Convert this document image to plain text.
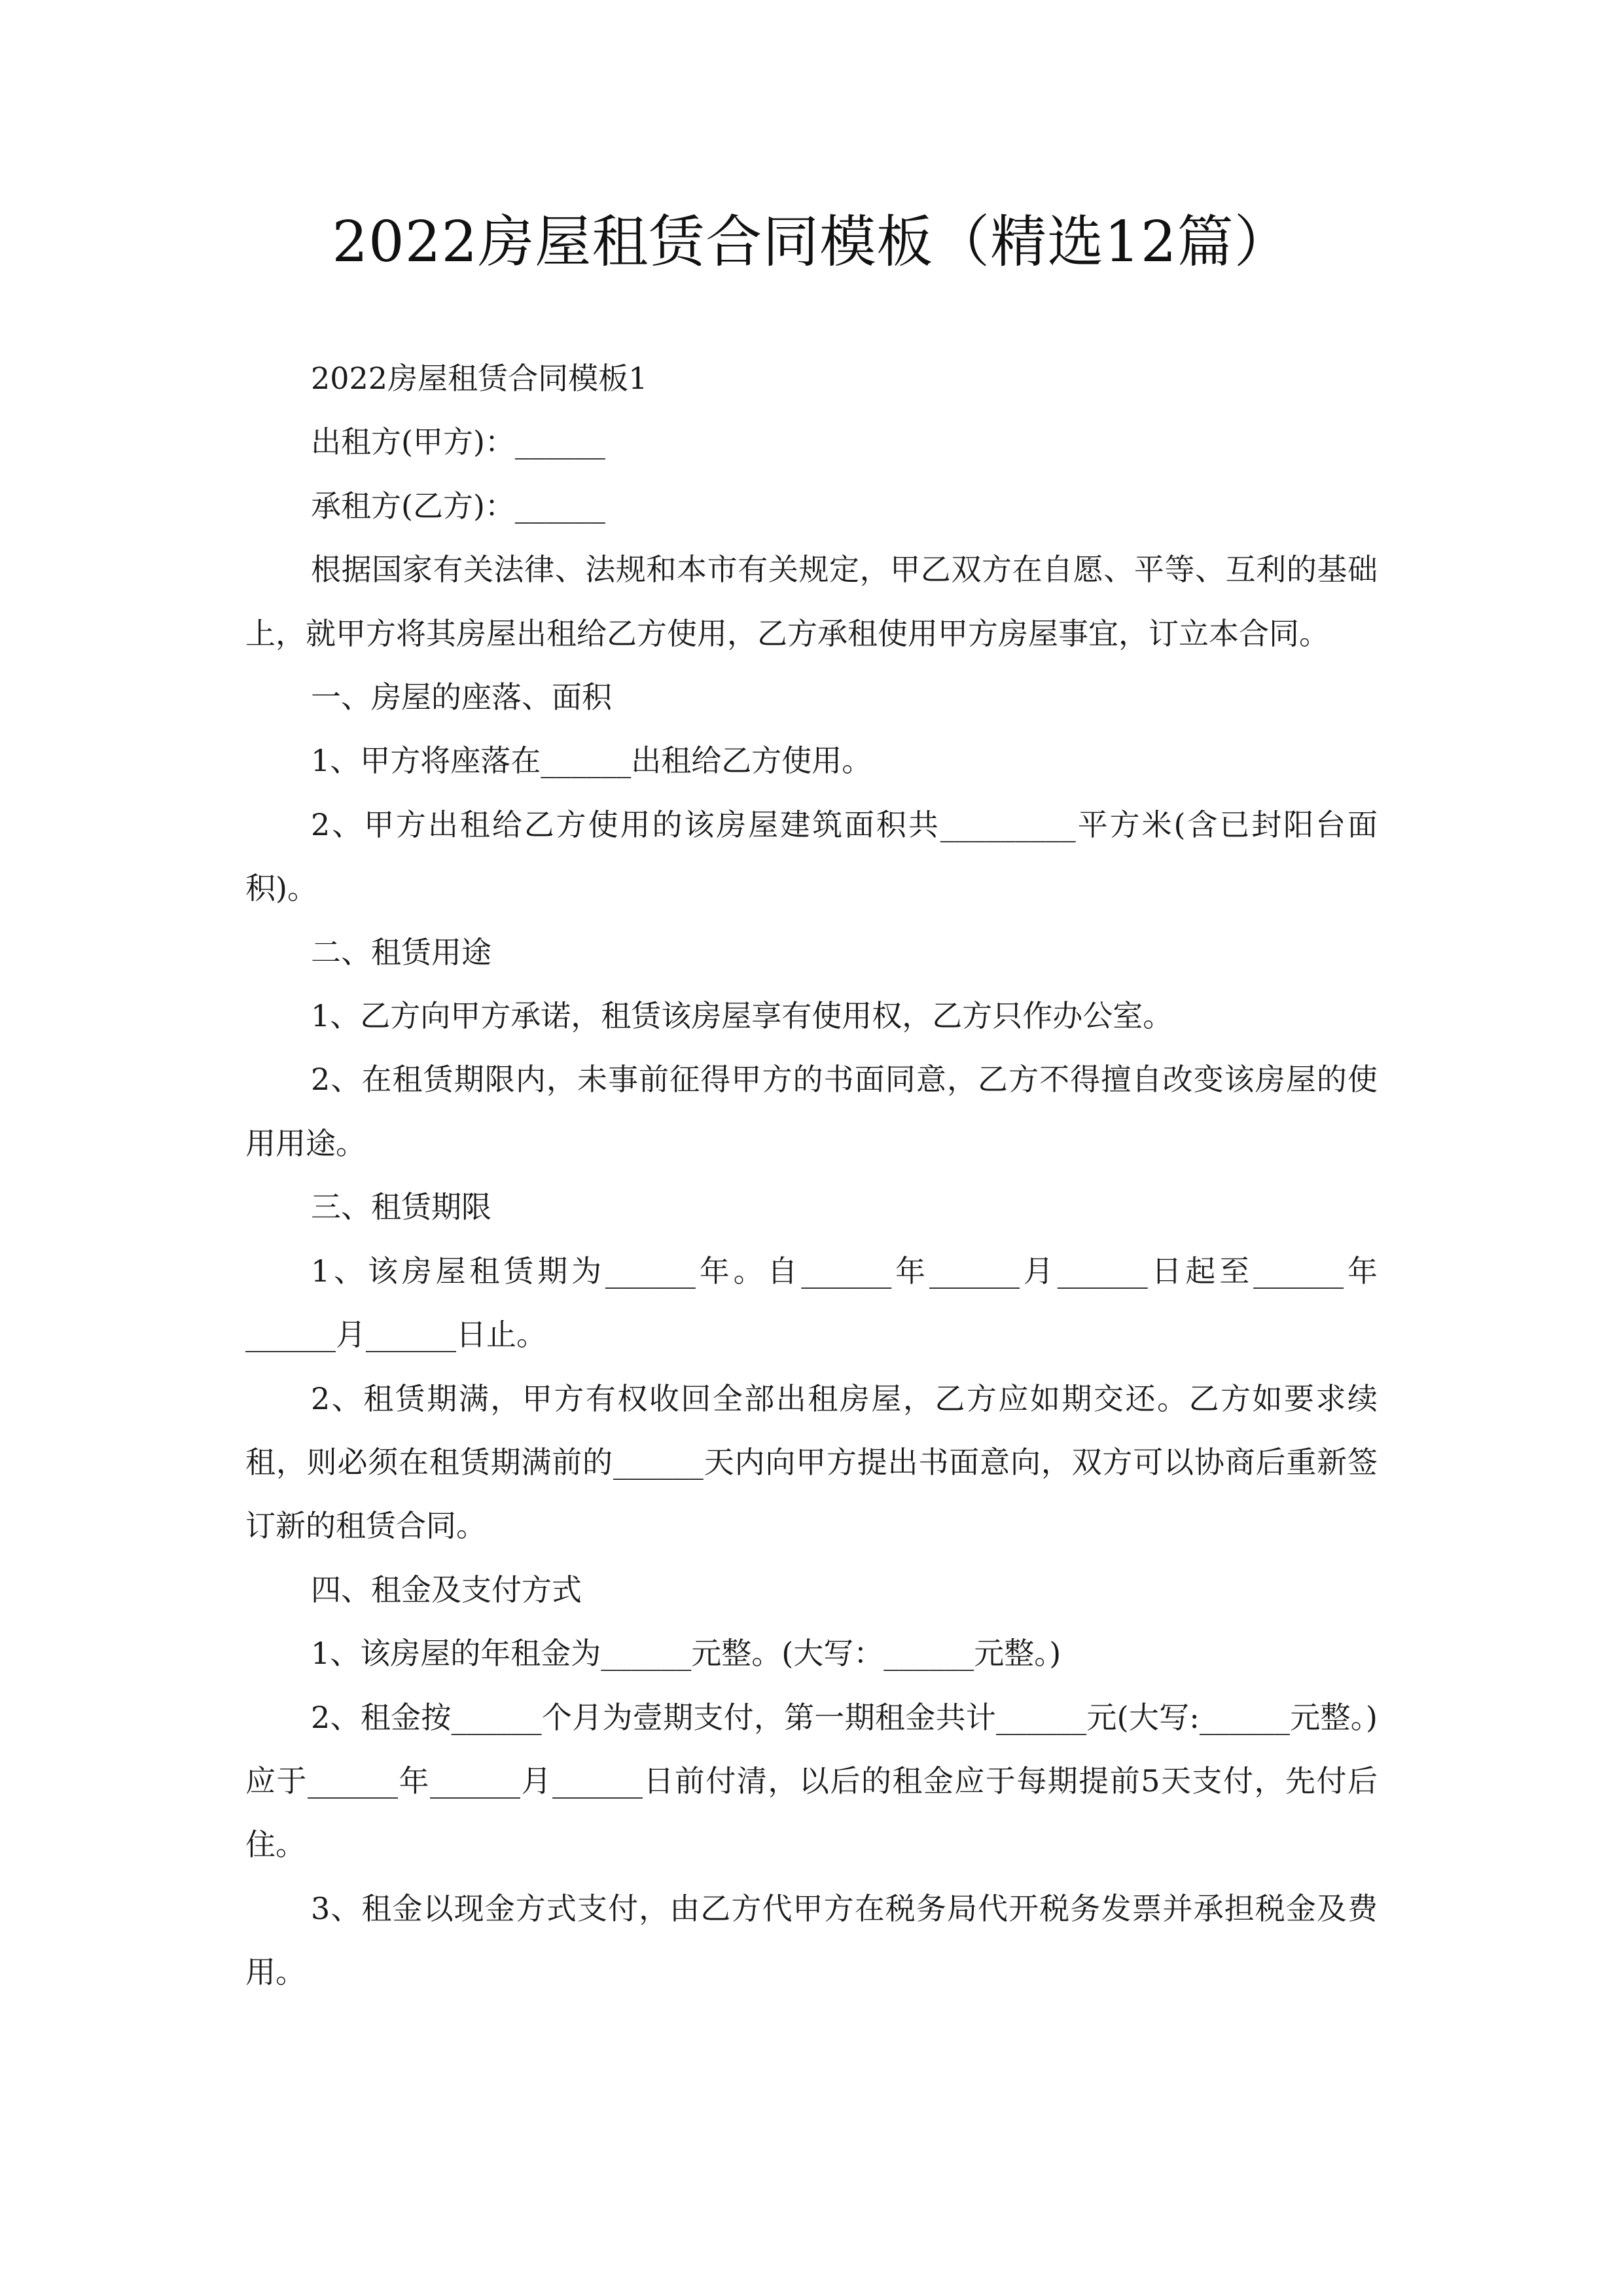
2022房屋租赁合同模板（精选12篇）

2022房屋租赁合同模板1

出租方(甲方)：______

承租方(乙方)：______

根据国家有关法律、法规和本市有关规定，甲乙双方在自愿、平等、互利的基础上，就甲方将其房屋出租给乙方使用，乙方承租使用甲方房屋事宜，订立本合同。

一、房屋的座落、面积

1、甲方将座落在______出租给乙方使用。

2、甲方出租给乙方使用的该房屋建筑面积共_________平方米(含已封阳台面积)。

二、租赁用途

1、乙方向甲方承诺，租赁该房屋享有使用权，乙方只作办公室。

2、在租赁期限内，未事前征得甲方的书面同意，乙方不得擅自改变该房屋的使用用途。

三、租赁期限

1、该房屋租赁期为______年。自______年______月______日起至______年______月______日止。

2、租赁期满，甲方有权收回全部出租房屋，乙方应如期交还。乙方如要求续租，则必须在租赁期满前的______天内向甲方提出书面意向，双方可以协商后重新签订新的租赁合同。

四、租金及支付方式

1、该房屋的年租金为______元整。(大写：______元整。)

2、租金按______个月为壹期支付，第一期租金共计______元(大写:______元整。)应于______年______月______日前付清，以后的租金应于每期提前5天支付，先付后住。

3、租金以现金方式支付，由乙方代甲方在税务局代开税务发票并承担税金及费用。
